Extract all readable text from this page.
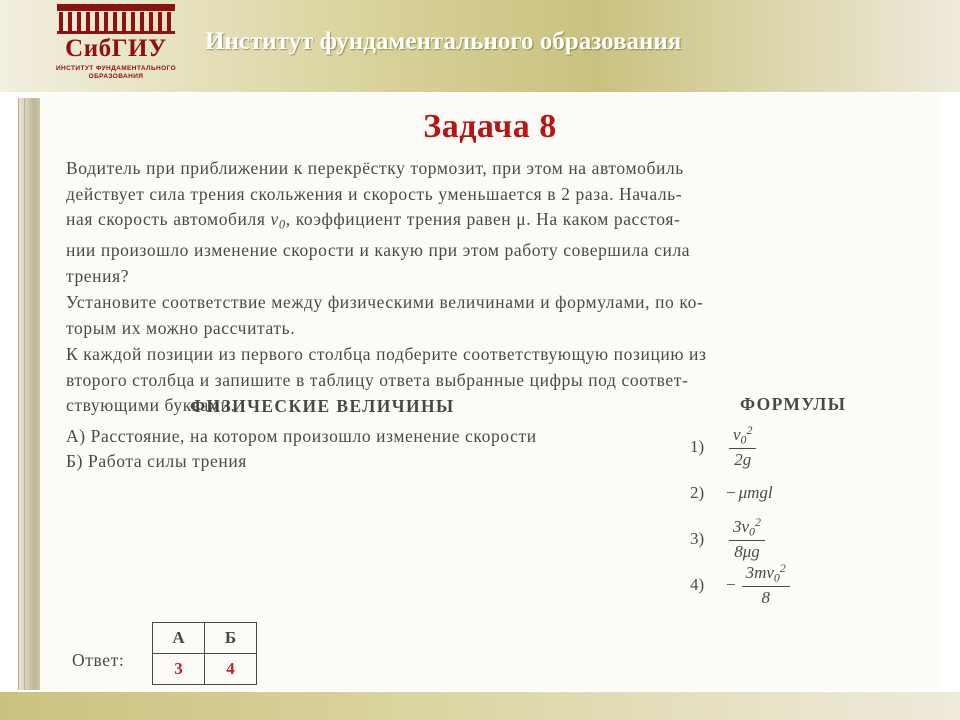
СибГИУ
ИНСТИТУТ ФУНДАМЕНТАЛЬНОГО
ОБРАЗОВАНИЯ
Институт фундаментального образования
Задача 8

Водитель при приближении к перекрёстку тормозит, при этом на автомобиль
действует сила трения скольжения и скорость уменьшается в 2 раза. Началь-
ная скорость автомобиля $v_0$, коэффициент трения равен μ. На каком расстоя-
нии произошло изменение скорости и какую при этом работу совершила сила
трения?

Установите соответствие между физическими величинами и формулами, по ко-
торым их можно рассчитать.

К каждой позиции из первого столбца подберите соответствующую позицию из
второго столбца и запишите в таблицу ответа выбранные цифры под соответ-
ствующими буквами.

ФИЗИЧЕСКИЕ ВЕЛИЧИНЫ	ФОРМУЛЫ
А) Расстояние, на котором произошло изменение скорости
Б) Работа силы трения
1)	$\frac{v_0^2}{2g}$
2)	− μmgl
3)	$\frac{3v_0^2}{8\mu g}$
4)	− $\frac{3mv_0^2}{8}$
Ответ:
А	Б
3	4
